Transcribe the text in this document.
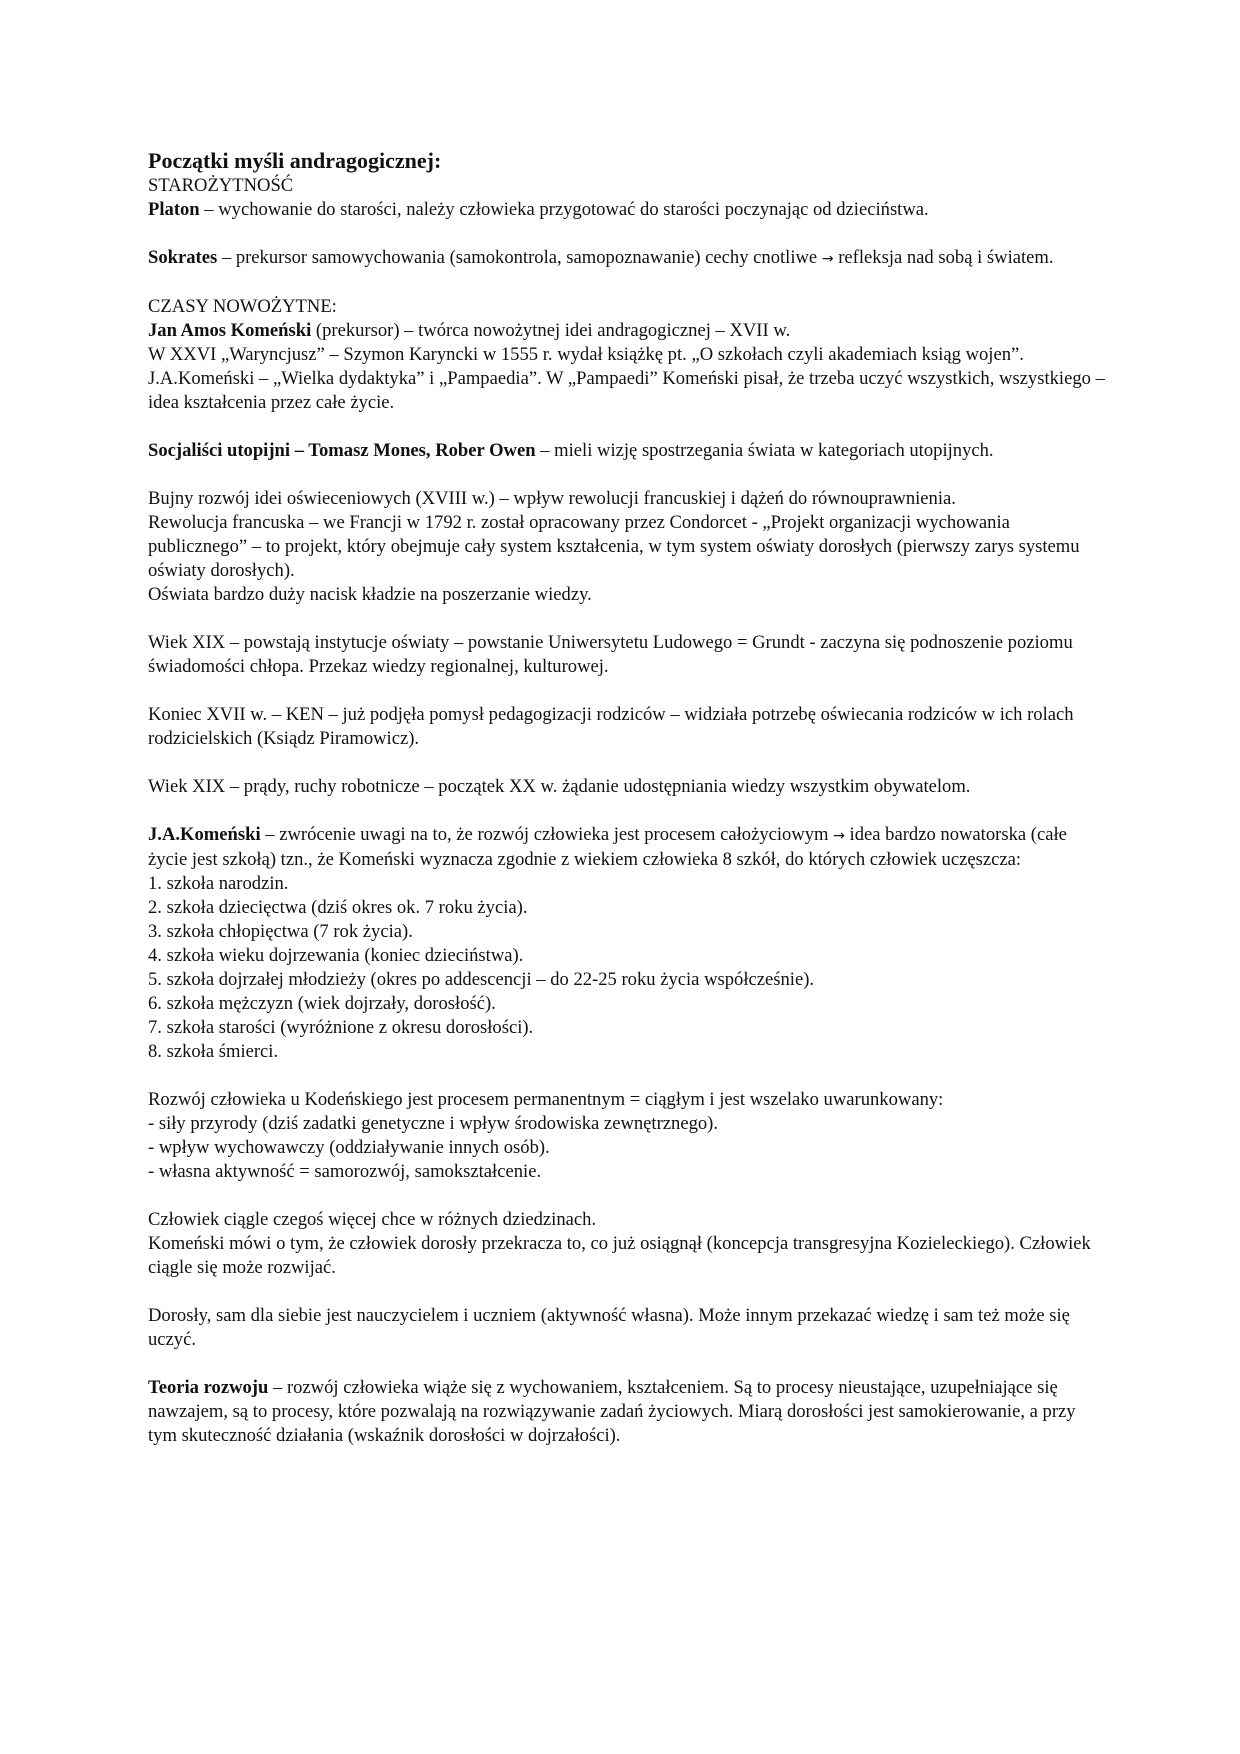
Początki myśli andragogicznej:

STAROŻYTNOŚĆ

Platon – wychowanie do starości, należy człowieka przygotować do starości poczynając od dzieciństwa.

Sokrates – prekursor samowychowania (samokontrola, samopoznawanie) cechy cnotliwe → refleksja nad sobą i światem.

CZASY NOWOŻYTNE:

Jan Amos Komeński (prekursor) – twórca nowożytnej idei andragogicznej – XVII w.

W XXVI „Waryncjusz” – Szymon Karyncki w 1555 r. wydał książkę pt. „O szkołach czyli akademiach ksiąg wojen”.

J.A.Komeński – „Wielka dydaktyka” i „Pampaedia”. W „Pampaedi” Komeński pisał, że trzeba uczyć wszystkich, wszystkiego – idea kształcenia przez całe życie.

Socjaliści utopijni – Tomasz Mones, Rober Owen – mieli wizję spostrzegania świata w kategoriach utopijnych.

Bujny rozwój idei oświeceniowych (XVIII w.) – wpływ rewolucji francuskiej i dążeń do równouprawnienia.

Rewolucja francuska – we Francji w 1792 r. został opracowany przez Condorcet - „Projekt organizacji wychowania publicznego” – to projekt, który obejmuje cały system kształcenia, w tym system oświaty dorosłych (pierwszy zarys systemu oświaty dorosłych).

Oświata bardzo duży nacisk kładzie na poszerzanie wiedzy.

Wiek XIX – powstają instytucje oświaty – powstanie Uniwersytetu Ludowego = Grundt - zaczyna się podnoszenie poziomu świadomości chłopa. Przekaz wiedzy regionalnej, kulturowej.

Koniec XVII w. – KEN – już podjęła pomysł pedagogizacji rodziców – widziała potrzebę oświecania rodziców w ich rolach rodzicielskich (Ksiądz Piramowicz).

Wiek XIX – prądy, ruchy robotnicze – początek XX w. żądanie udostępniania wiedzy wszystkim obywatelom.

J.A.Komeński – zwrócenie uwagi na to, że rozwój człowieka jest procesem całożyciowym → idea bardzo nowatorska (całe życie jest szkołą) tzn., że Komeński wyznacza zgodnie z wiekiem człowieka 8 szkół, do których człowiek uczęszcza:

1. szkoła narodzin.

2. szkoła dziecięctwa (dziś okres ok. 7 roku życia).

3. szkoła chłopięctwa (7 rok życia).

4. szkoła wieku dojrzewania (koniec dzieciństwa).

5. szkoła dojrzałej młodzieży (okres po addescencji – do 22-25 roku życia współcześnie).

6. szkoła mężczyzn (wiek dojrzały, dorosłość).

7. szkoła starości (wyróżnione z okresu dorosłości).

8. szkoła śmierci.

Rozwój człowieka u Kodeńskiego jest procesem permanentnym = ciągłym i jest wszelako uwarunkowany:

- siły przyrody (dziś zadatki genetyczne i wpływ środowiska zewnętrznego).

- wpływ wychowawczy (oddziaływanie innych osób).

- własna aktywność = samorozwój, samokształcenie.

Człowiek ciągle czegoś więcej chce w różnych dziedzinach.

Komeński mówi o tym, że człowiek dorosły przekracza to, co już osiągnął (koncepcja transgresyjna Kozieleckiego). Człowiek ciągle się może rozwijać.

Dorosły, sam dla siebie jest nauczycielem i uczniem (aktywność własna). Może innym przekazać wiedzę i sam też może się uczyć.

Teoria rozwoju – rozwój człowieka wiąże się z wychowaniem, kształceniem. Są to procesy nieustające, uzupełniające się nawzajem, są to procesy, które pozwalają na rozwiązywanie zadań życiowych. Miarą dorosłości jest samokierowanie, a przy tym skuteczność działania (wskaźnik dorosłości w dojrzałości).
